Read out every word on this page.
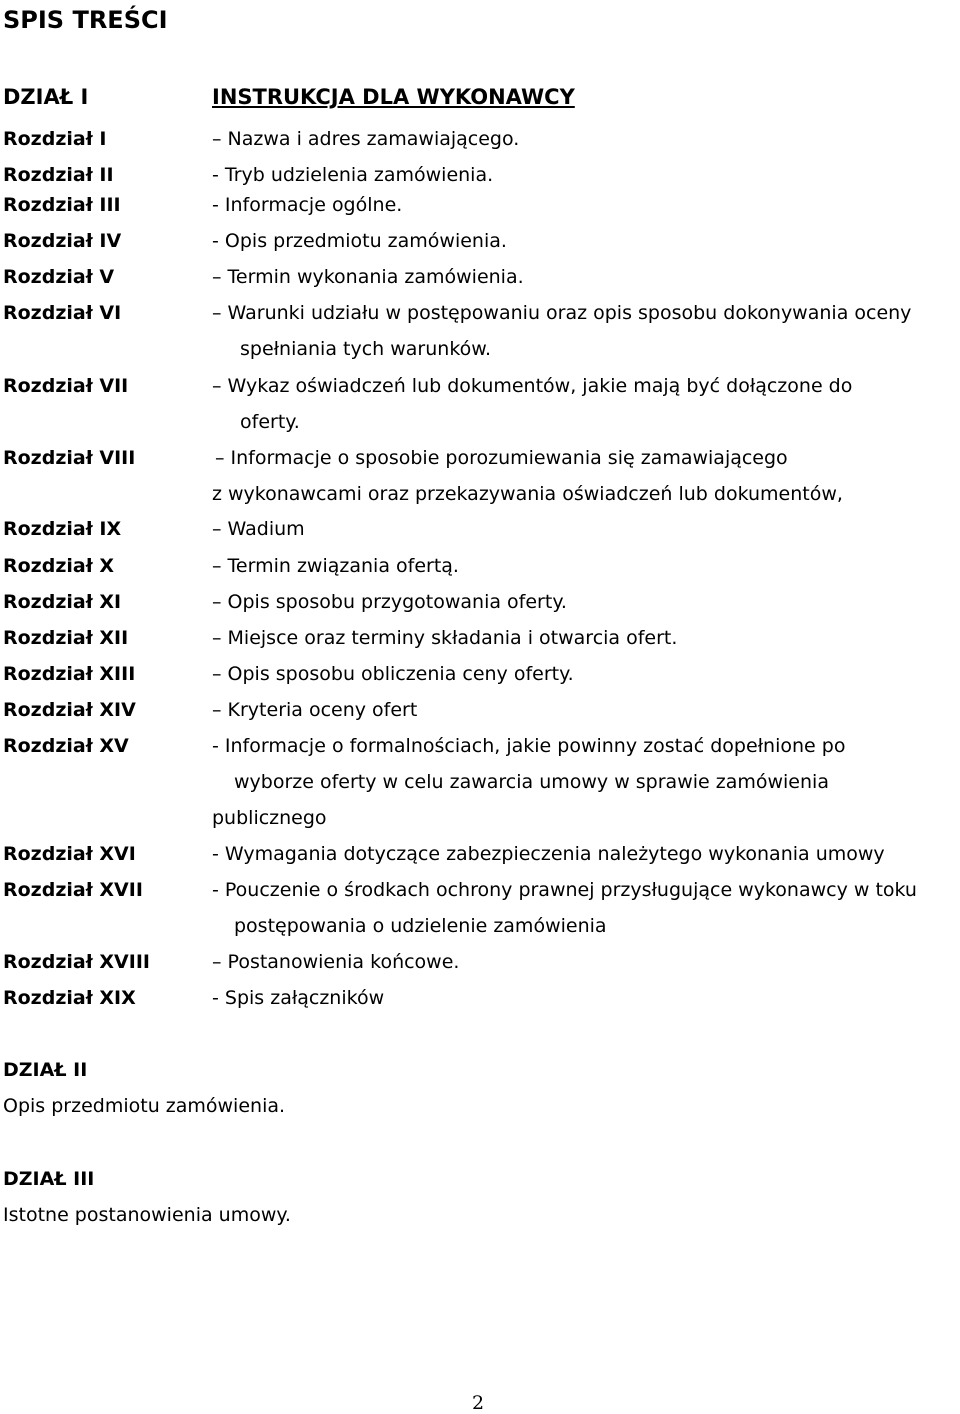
SPIS TREŚCI
DZIAŁ I	INSTRUKCJA DLA WYKONAWCY
Rozdział I	– Nazwa i adres zamawiającego.
Rozdział II	- Tryb udzielenia zamówienia.
Rozdział III	- Informacje ogólne.
Rozdział IV	- Opis przedmiotu zamówienia.
Rozdział V	– Termin wykonania zamówienia.
Rozdział VI	– Warunki udziału w postępowaniu oraz opis sposobu dokonywania oceny
spełniania tych warunków.
Rozdział VII	– Wykaz oświadczeń lub dokumentów, jakie mają być dołączone do
oferty.
Rozdział VIII	– Informacje o sposobie porozumiewania się zamawiającego
z wykonawcami oraz przekazywania oświadczeń lub dokumentów,
Rozdział IX	– Wadium
Rozdział X	– Termin związania ofertą.
Rozdział XI	– Opis sposobu przygotowania oferty.
Rozdział XII	– Miejsce oraz terminy składania i otwarcia ofert.
Rozdział XIII	– Opis sposobu obliczenia ceny oferty.
Rozdział XIV	– Kryteria oceny ofert
Rozdział XV	- Informacje o formalnościach, jakie powinny zostać dopełnione po
wyborze oferty w celu zawarcia umowy w sprawie zamówienia
publicznego
Rozdział XVI	- Wymagania dotyczące zabezpieczenia należytego wykonania umowy
Rozdział XVII	- Pouczenie o środkach ochrony prawnej przysługujące wykonawcy w toku
postępowania o udzielenie zamówienia
Rozdział XVIII	– Postanowienia końcowe.
Rozdział XIX	- Spis załączników
DZIAŁ II
Opis przedmiotu zamówienia.
DZIAŁ III
Istotne postanowienia umowy.
2
